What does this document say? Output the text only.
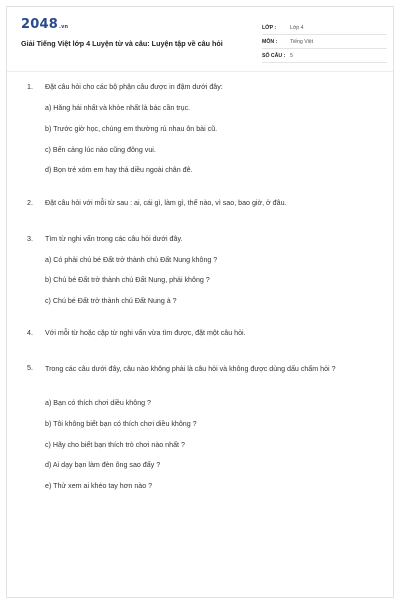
2048.vn
Giải Tiếng Việt lớp 4 Luyện từ và câu: Luyện tập về câu hỏi
LỚP :	Lớp 4
MÔN :	Tiếng Việt
SỐ CÂU : 5
1.	Đặt câu hỏi cho các bộ phận câu được in đậm dưới đây:
a) Hăng hái nhất và khỏe nhất là bác cần trục.
b) Trước giờ học, chúng em thường rủ nhau ôn bài cũ.
c) Bến cảng lúc nào cũng đông vui.
d) Bọn trẻ xóm em hay thả diều ngoài chân đê.
2.	Đặt câu hỏi với mỗi từ sau : ai, cái gì, làm gì, thế nào, vì sao, bao giờ, ở đâu.
3.	Tìm từ nghi vấn trong các câu hỏi dưới đây.
a) Có phải chú bé Đất trở thành chú Đất Nung không ?
b) Chú bé Đất trở thành chú Đất Nung, phải không ?
c) Chú bé Đất trở thành chú Đất Nung à ?
4.	Với mỗi từ hoặc cặp từ nghi vấn vừa tìm được, đặt một câu hỏi.
5.	Trong các câu dưới đây, câu nào không phải là câu hỏi và không được dùng dấu chấm hỏi ?
a) Bạn có thích chơi diều không ?
b) Tôi không biết bạn có thích chơi diều không ?
c) Hãy cho biết bạn thích trò chơi nào nhất ?
d) Ai dạy bạn làm đèn ông sao đấy ?
e) Thử xem ai khéo tay hơn nào ?
